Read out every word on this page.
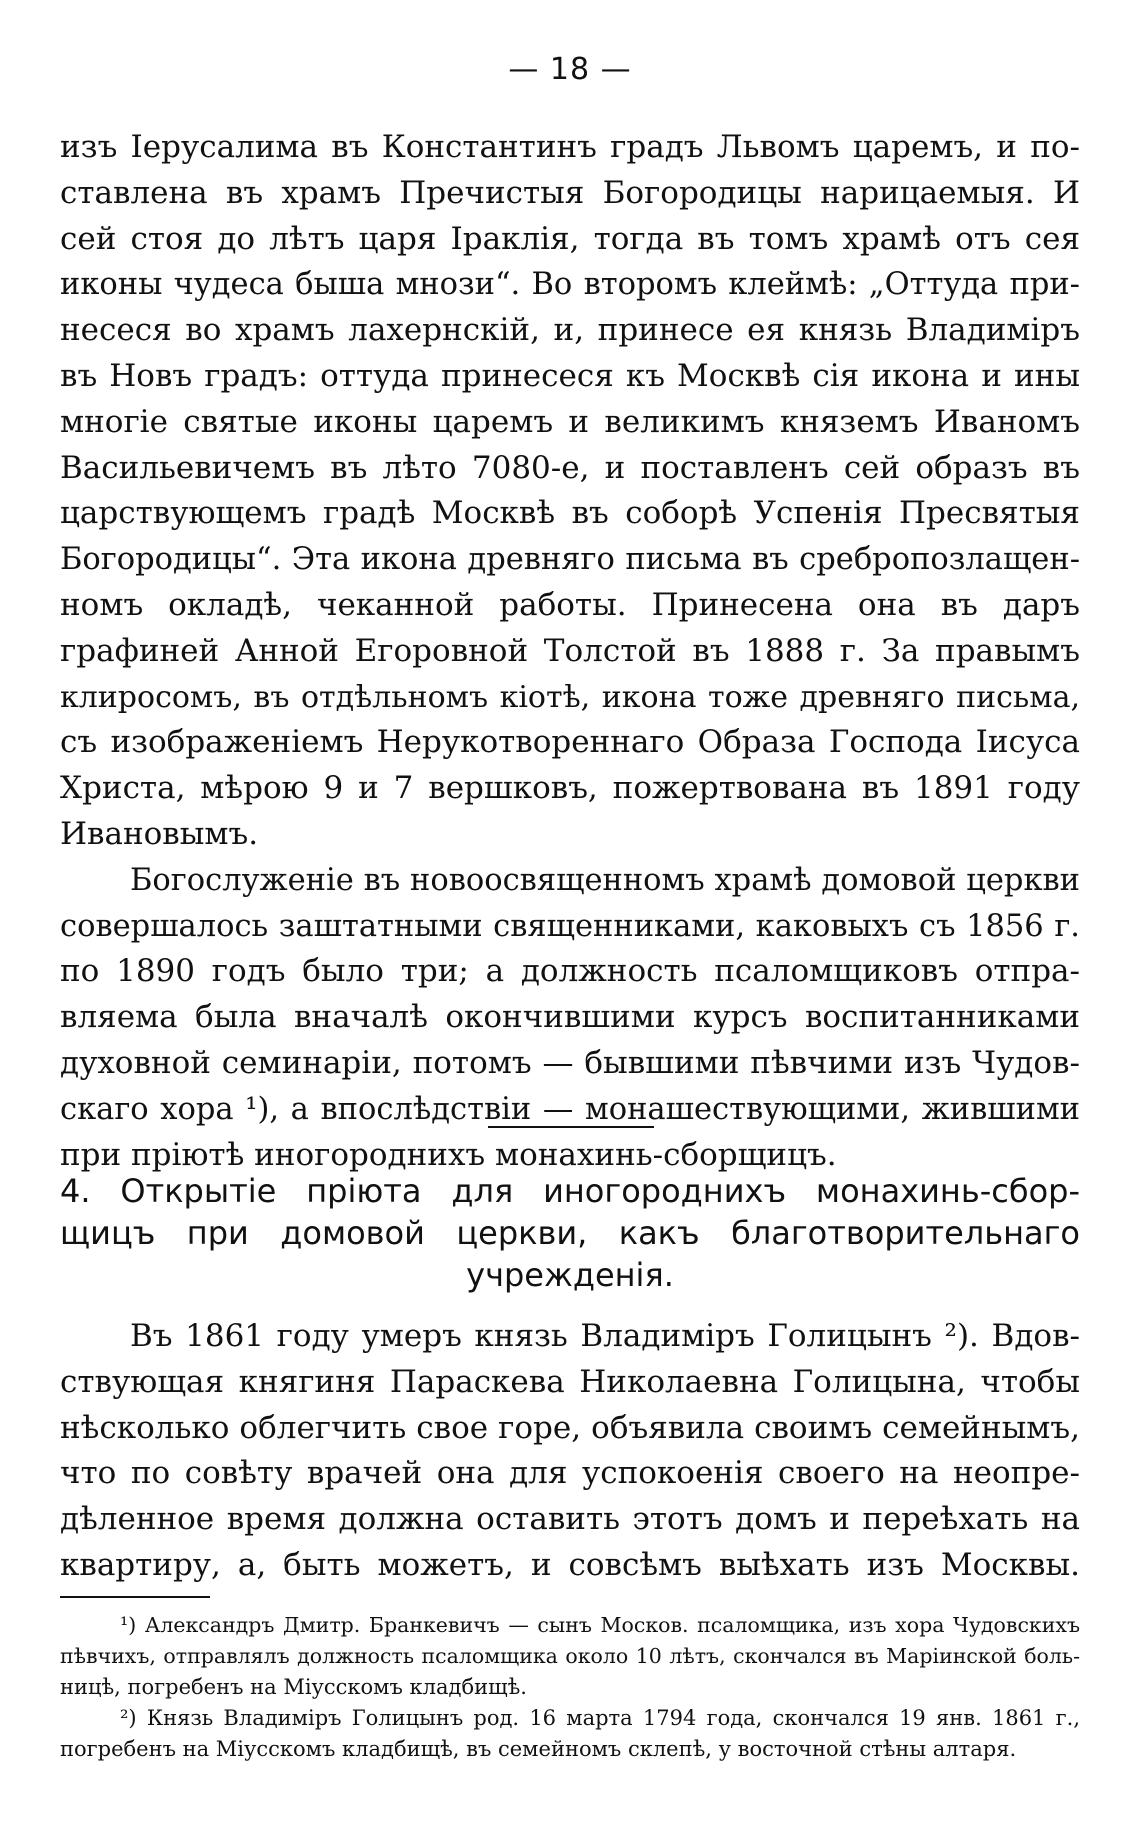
— 18 —
изъ Іерусалима въ Константинъ градъ Львомъ царемъ, и по-
ставлена въ храмъ Пречистыя Богородицы нарицаемыя. И
сей стоя до лѣтъ царя Іраклія, тогда въ томъ храмѣ отъ сея
иконы чудеса быша мнози“. Во второмъ клеймѣ: „Оттуда при-
несеся во храмъ лахернскій, и, принесе ея князь Владиміръ
въ Новъ градъ: оттуда принесеся къ Москвѣ сія икона и ины
многіе святые иконы царемъ и великимъ княземъ Иваномъ
Васильевичемъ въ лѣто 7080-е, и поставленъ сей образъ въ
царствующемъ градѣ Москвѣ въ соборѣ Успенія Пресвятыя
Богородицы“. Эта икона древняго письма въ сребропозлащен-
номъ окладѣ, чеканной работы. Принесена она въ даръ
графиней Анной Егоровной Толстой въ 1888 г. За правымъ
клиросомъ, въ отдѣльномъ кіотѣ, икона тоже древняго письма,
съ изображеніемъ Нерукотвореннаго Образа Господа Іисуса
Христа, мѣрою 9 и 7 вершковъ, пожертвована въ 1891 году
Ивановымъ.
Богослуженіе въ новоосвященномъ храмѣ домовой церкви
совершалось заштатными священниками, каковыхъ съ 1856 г.
по 1890 годъ было три; а должность псаломщиковъ отпра-
вляема была вначалѣ окончившими курсъ воспитанниками
духовной семинаріи, потомъ — бывшими пѣвчими изъ Чудов-
скаго хора ¹), а впослѣдствіи — монашествующими, жившими
при пріютѣ иногороднихъ монахинь-сборщицъ.
4. Открытіе пріюта для иногороднихъ монахинь-сбор-
щицъ при домовой церкви, какъ благотворительнаго
учрежденія.
Въ 1861 году умеръ князь Владиміръ Голицынъ ²). Вдов-
ствующая княгиня Параскева Николаевна Голицына, чтобы
нѣсколько облегчить свое горе, объявила своимъ семейнымъ,
что по совѣту врачей она для успокоенія своего на неопре-
дѣленное время должна оставить этотъ домъ и переѣхать на
квартиру, а, быть можетъ, и совсѣмъ выѣхать изъ Москвы.
¹) Александръ Дмитр. Бранкевичъ — сынъ Москов. псаломщика, изъ хора Чудовскихъ
пѣвчихъ, отправлялъ должность псаломщика около 10 лѣтъ, скончался въ Маріинской боль-
ницѣ, погребенъ на Міусскомъ кладбищѣ.
²) Князь Владиміръ Голицынъ род. 16 марта 1794 года, скончался 19 янв. 1861 г.,
погребенъ на Міусскомъ кладбищѣ, въ семейномъ склепѣ, у восточной стѣны алтаря.
